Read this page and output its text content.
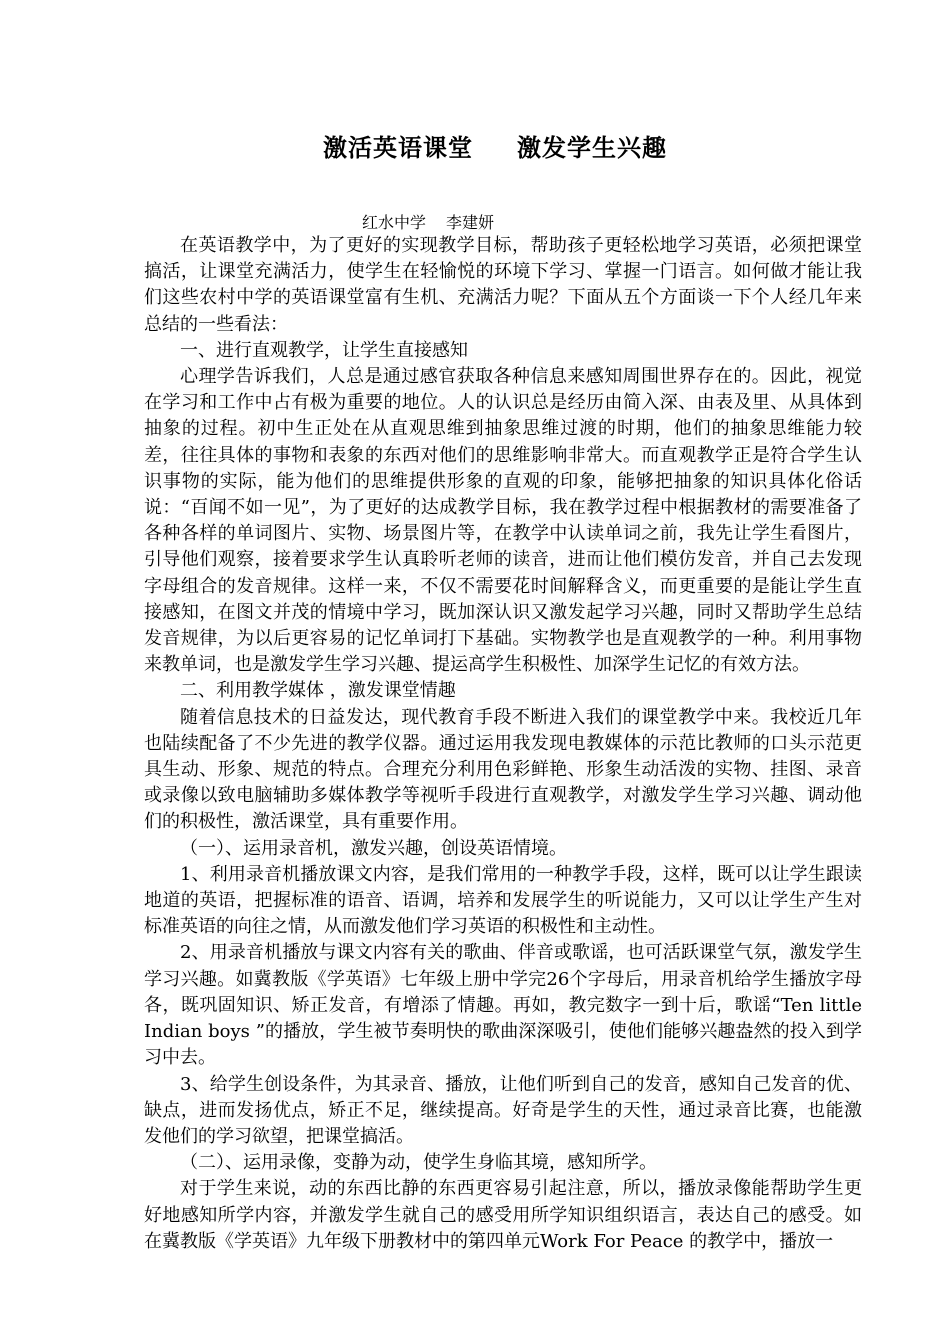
激活英语课堂 激发学生兴趣
红水中学 李建妍

在英语教学中，为了更好的实现教学目标，帮助孩子更轻松地学习英语，必须把课堂搞活，让课堂充满活力，使学生在轻愉悦的环境下学习、掌握一门语言。如何做才能让我们这些农村中学的英语课堂富有生机、充满活力呢？下面从五个方面谈一下个人经几年来总结的一些看法：

一、进行直观教学，让学生直接感知

心理学告诉我们，人总是通过感官获取各种信息来感知周围世界存在的。因此，视觉在学习和工作中占有极为重要的地位。人的认识总是经历由简入深、由表及里、从具体到抽象的过程。初中生正处在从直观思维到抽象思维过渡的时期，他们的抽象思维能力较差，往往具体的事物和表象的东西对他们的思维影响非常大。而直观教学正是符合学生认识事物的实际，能为他们的思维提供形象的直观的印象，能够把抽象的知识具体化俗话说：“百闻不如一见”，为了更好的达成教学目标，我在教学过程中根据教材的需要准备了各种各样的单词图片、实物、场景图片等，在教学中认读单词之前，我先让学生看图片，引导他们观察，接着要求学生认真聆听老师的读音，进而让他们模仿发音，并自己去发现字母组合的发音规律。这样一来，不仅不需要花时间解释含义，而更重要的是能让学生直接感知，在图文并茂的情境中学习，既加深认识又激发起学习兴趣，同时又帮助学生总结发音规律，为以后更容易的记忆单词打下基础。实物教学也是直观教学的一种。利用事物来教单词，也是激发学生学习兴趣、提运高学生积极性、加深学生记忆的有效方法。

二、利用教学媒体 ，激发课堂情趣

随着信息技术的日益发达，现代教育手段不断进入我们的课堂教学中来。我校近几年也陆续配备了不少先进的教学仪器。通过运用我发现电教媒体的示范比教师的口头示范更具生动、形象、规范的特点。合理充分利用色彩鲜艳、形象生动活泼的实物、挂图、录音或录像以致电脑辅助多媒体教学等视听手段进行直观教学，对激发学生学习兴趣、调动他们的积极性，激活课堂，具有重要作用。

（一）、运用录音机，激发兴趣，创设英语情境。

1、利用录音机播放课文内容，是我们常用的一种教学手段，这样，既可以让学生跟读地道的英语，把握标准的语音、语调，培养和发展学生的听说能力，又可以让学生产生对标准英语的向往之情，从而激发他们学习英语的积极性和主动性。

2、用录音机播放与课文内容有关的歌曲、伴音或歌谣，也可活跃课堂气氛，激发学生学习兴趣。如冀教版《学英语》七年级上册中学完26个字母后，用录音机给学生播放字母各，既巩固知识、矫正发音，有增添了情趣。再如，教完数字一到十后，歌谣“Ten little Indian boys ”的播放，学生被节奏明快的歌曲深深吸引，使他们能够兴趣盎然的投入到学习中去。

3、给学生创设条件，为其录音、播放，让他们听到自己的发音，感知自己发音的优、缺点，进而发扬优点，矫正不足，继续提高。好奇是学生的天性，通过录音比赛，也能激发他们的学习欲望，把课堂搞活。

（二）、运用录像，变静为动，使学生身临其境，感知所学。

对于学生来说，动的东西比静的东西更容易引起注意，所以，播放录像能帮助学生更好地感知所学内容，并激发学生就自己的感受用所学知识组织语言，表达自己的感受。如在冀教版《学英语》九年级下册教材中的第四单元Work For Peace 的教学中，播放一
